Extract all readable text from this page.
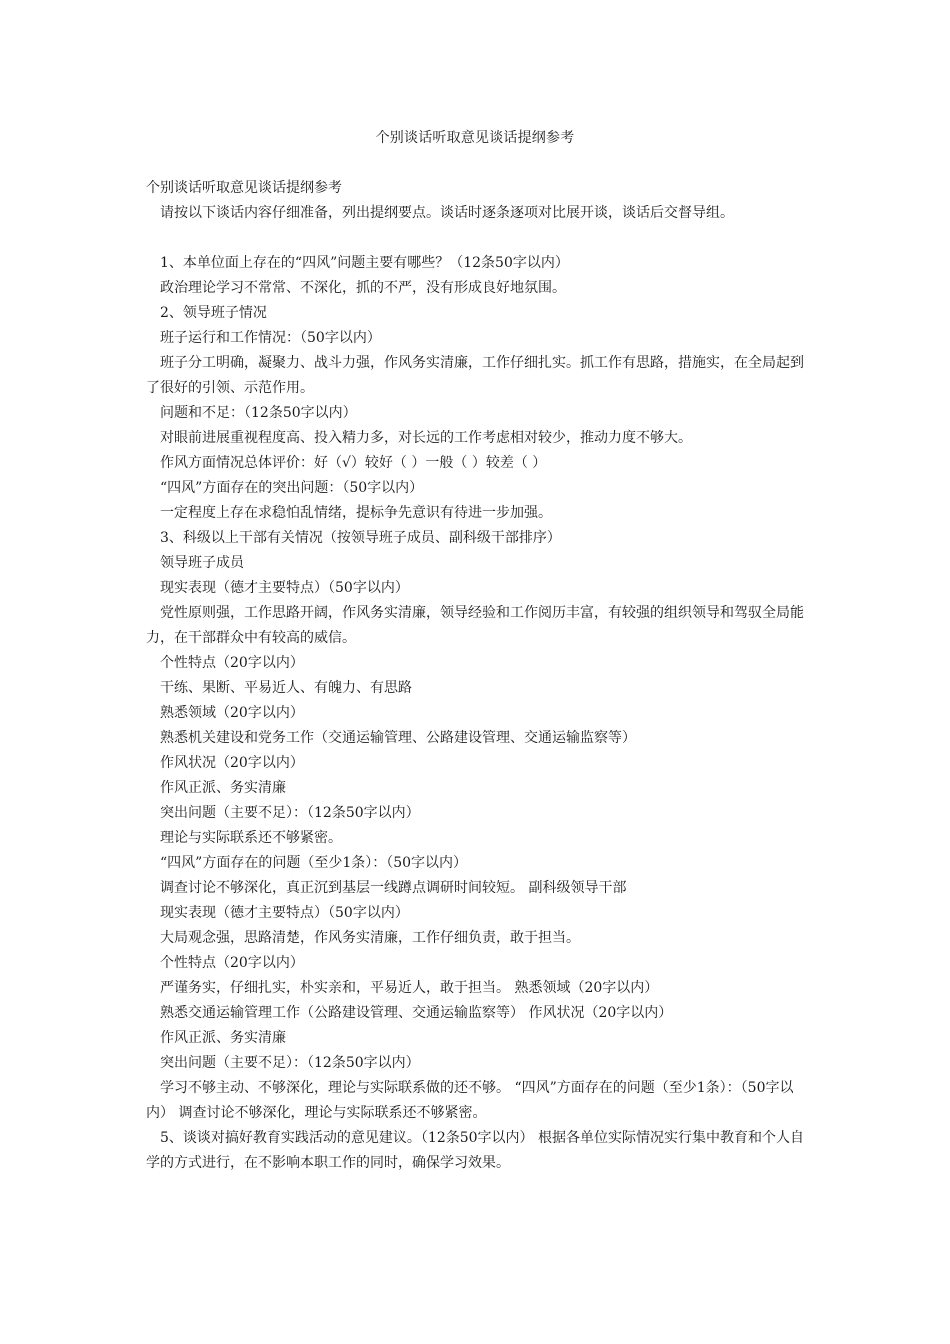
个别谈话听取意见谈话提纲参考

个别谈话听取意见谈话提纲参考

请按以下谈话内容仔细准备，列出提纲要点。谈话时逐条逐项对比展开谈，谈话后交督导组。

1、本单位面上存在的“四风”问题主要有哪些？（12条50字以内）

政治理论学习不常常、不深化，抓的不严，没有形成良好地氛围。

2、领导班子情况

班子运行和工作情况：（50字以内）

班子分工明确，凝聚力、战斗力强，作风务实清廉，工作仔细扎实。抓工作有思路，措施实，在全局起到了很好的引领、示范作用。

问题和不足：（12条50字以内）

对眼前进展重视程度高、投入精力多，对长远的工作考虑相对较少，推动力度不够大。

作风方面情况总体评价：好（√）较好（ ）一般（ ）较差（ ）

“四风”方面存在的突出问题：（50字以内）

一定程度上存在求稳怕乱情绪，提标争先意识有待进一步加强。

3、科级以上干部有关情况（按领导班子成员、副科级干部排序）

领导班子成员

现实表现（德才主要特点）（50字以内）

党性原则强，工作思路开阔，作风务实清廉，领导经验和工作阅历丰富，有较强的组织领导和驾驭全局能力，在干部群众中有较高的威信。

个性特点（20字以内）

干练、果断、平易近人、有魄力、有思路

熟悉领域（20字以内）

熟悉机关建设和党务工作（交通运输管理、公路建设管理、交通运输监察等）

作风状况（20字以内）

作风正派、务实清廉

突出问题（主要不足）：（12条50字以内）

理论与实际联系还不够紧密。

“四风”方面存在的问题（至少1条）：（50字以内）

调查讨论不够深化，真正沉到基层一线蹲点调研时间较短。 副科级领导干部

现实表现（德才主要特点）（50字以内）

大局观念强，思路清楚，作风务实清廉，工作仔细负责，敢于担当。

个性特点（20字以内）

严谨务实，仔细扎实，朴实亲和，平易近人，敢于担当。 熟悉领域（20字以内）

熟悉交通运输管理工作（公路建设管理、交通运输监察等） 作风状况（20字以内）

作风正派、务实清廉

突出问题（主要不足）：（12条50字以内）

学习不够主动、不够深化，理论与实际联系做的还不够。 “四风”方面存在的问题（至少1条）：（50字以内） 调查讨论不够深化，理论与实际联系还不够紧密。

5、谈谈对搞好教育实践活动的意见建议。（12条50字以内） 根据各单位实际情况实行集中教育和个人自学的方式进行，在不影响本职工作的同时，确保学习效果。
